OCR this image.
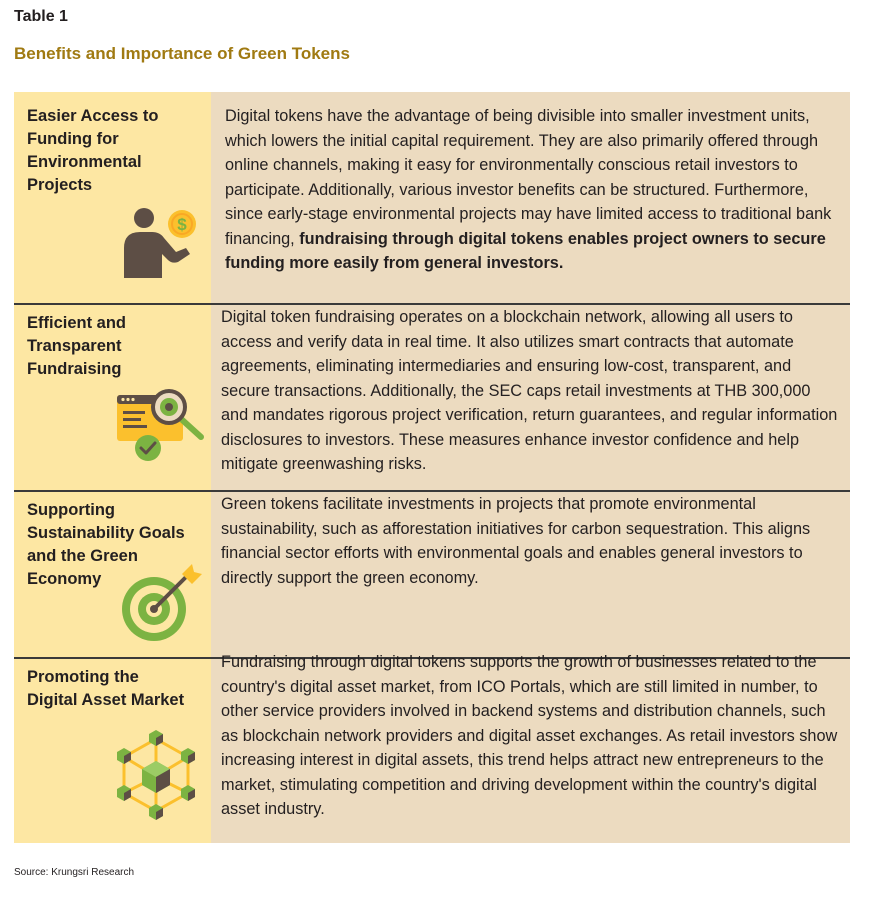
Table 1
Benefits and Importance of Green Tokens
Easier Access to
Funding for
Environmental
Projects
$
Digital tokens have the advantage of being divisible into smaller investment units, which lowers the initial capital requirement. They are also primarily offered through online channels, making it easy for environmentally conscious retail investors to participate. Additionally, various investor benefits can be structured. Furthermore, since early-stage environmental projects may have limited access to traditional bank financing, fundraising through digital tokens enables project owners to secure funding more easily from general investors.
Efficient and
Transparent
Fundraising
Digital token fundraising operates on a blockchain network, allowing all users to access and verify data in real time. It also utilizes smart contracts that automate agreements, eliminating intermediaries and ensuring low-cost, transparent, and secure transactions. Additionally, the SEC caps retail investments at THB 300,000 and mandates rigorous project verification, return guarantees, and regular information disclosures to investors. These measures enhance investor confidence and help mitigate greenwashing risks.
Supporting
Sustainability Goals
and the Green
Economy
Green tokens facilitate investments in projects that promote environmental sustainability, such as afforestation initiatives for carbon sequestration. This aligns financial sector efforts with environmental goals and enables general investors to directly support the green economy.
Promoting the
Digital Asset Market
Fundraising through digital tokens supports the growth of businesses related to the country's digital asset market, from ICO Portals, which are still limited in number, to other service providers involved in backend systems and distribution channels, such as blockchain network providers and digital asset exchanges. As retail investors show increasing interest in digital assets, this trend helps attract new entrepreneurs to the market, stimulating competition and driving development within the country's digital asset industry.
Source: Krungsri Research
